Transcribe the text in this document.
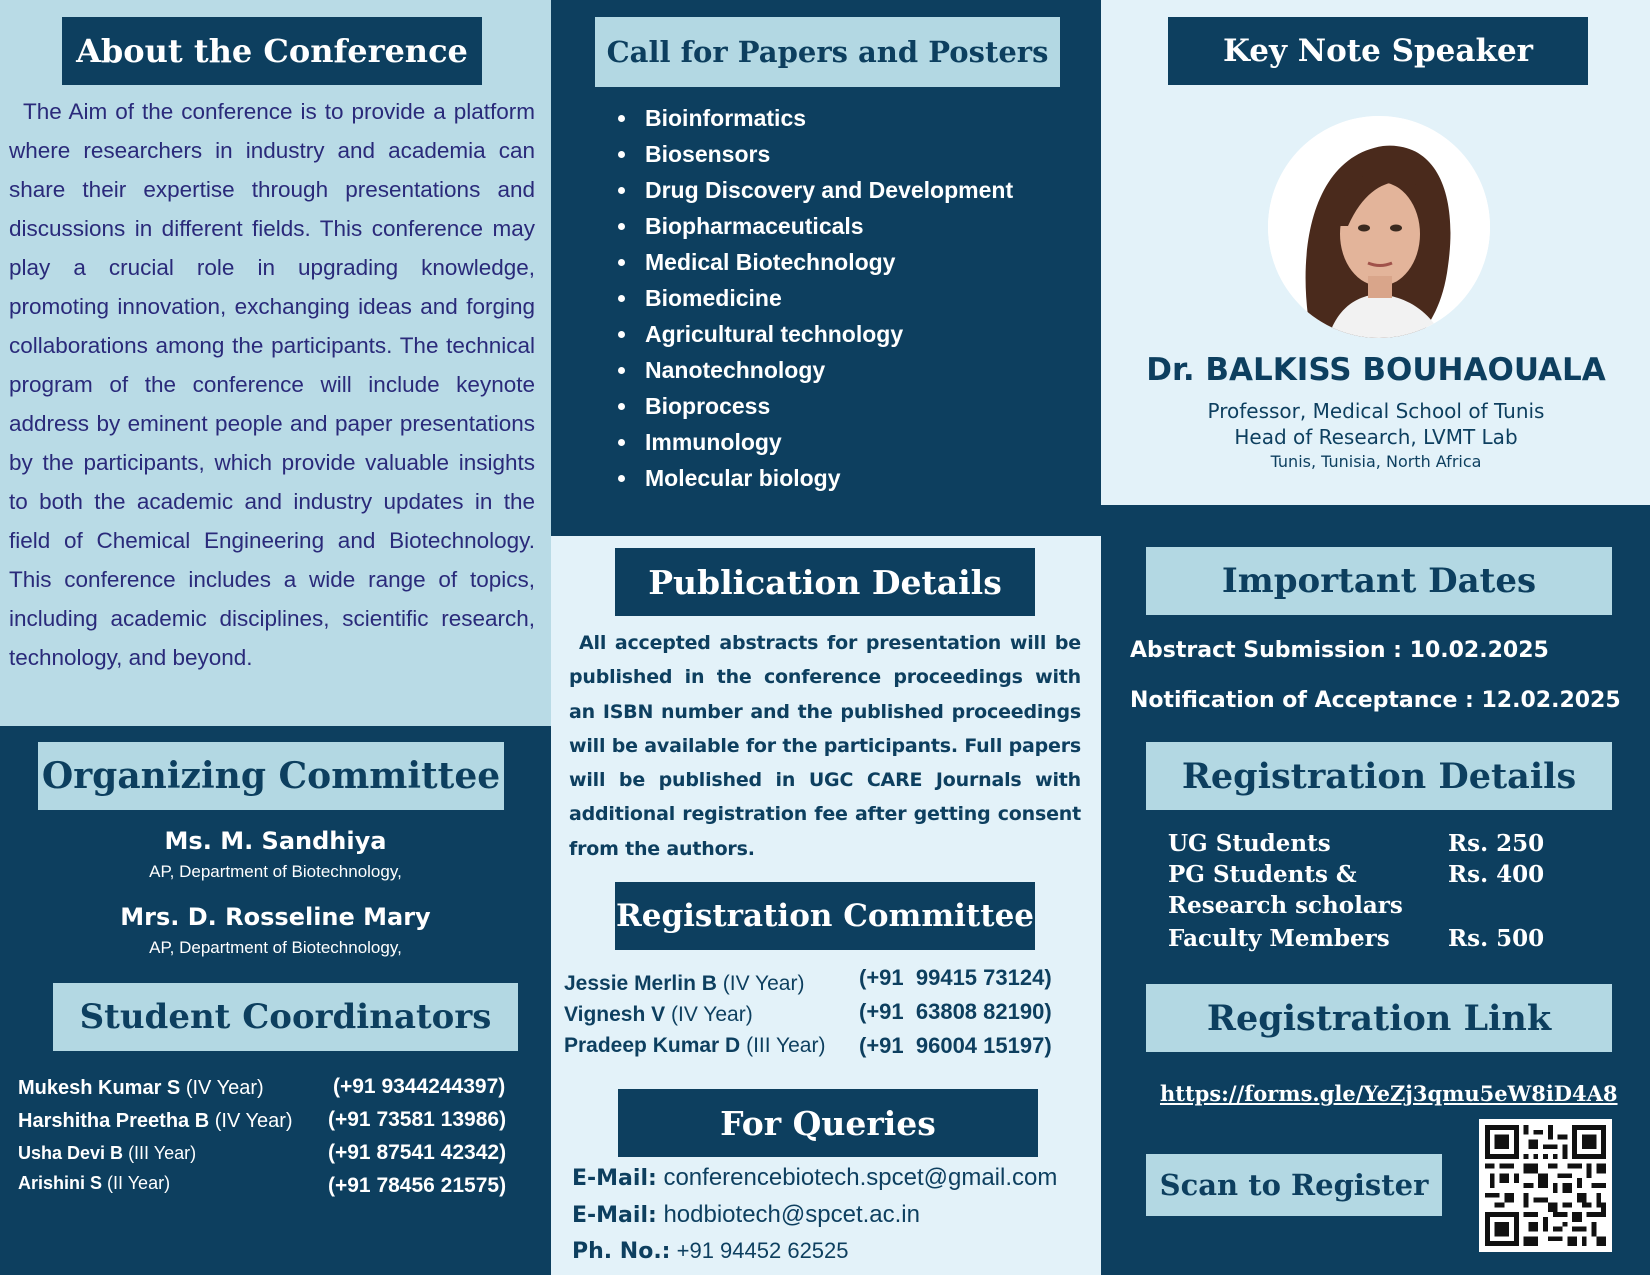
About the Conference

The Aim of the conference is to provide a platform where researchers in industry and academia can share their expertise through presentations and discussions in different fields. This conference may play a crucial role in upgrading knowledge, promoting innovation, exchanging ideas and forging collaborations among the participants. The technical program of the conference will include keynote address by eminent people and paper presentations by the participants, which provide valuable insights to both the academic and industry updates in the field of Chemical Engineering and Biotechnology. This conference includes a wide range of topics, including academic disciplines, scientific research, technology, and beyond.

Organizing Committee
Ms. M. Sandhiya
AP, Department of Biotechnology,
Mrs. D. Rosseline Mary
AP, Department of Biotechnology,
Student Coordinators
Mukesh Kumar S (IV Year)	(+91 9344244397)
Harshitha Preetha B (IV Year) (+91 73581 13986)
Usha Devi B (III Year)	(+91 87541 42342)
Arishini S (II Year)	(+91 78456 21575)
Call for Papers and Posters
Bioinformatics
Biosensors
Drug Discovery and Development
Biopharmaceuticals
Medical Biotechnology
Biomedicine
Agricultural technology
Nanotechnology
Bioprocess
Immunology
Molecular biology
Publication Details

All accepted abstracts for presentation will be published in the conference proceedings with an ISBN number and the published proceedings will be available for the participants. Full papers will be published in UGC CARE Journals with additional registration fee after getting consent from the authors.

Registration Committee
Jessie Merlin B (IV Year) (+91  99415 73124)
Vignesh V (IV Year)	(+91  63808 82190)
Pradeep Kumar D (III Year) (+91  96004 15197)
For Queries
E-Mail: conferencebiotech.spcet@gmail.com
E-Mail: hodbiotech@spcet.ac.in
Ph. No.: +91 94452 62525
Key Note Speaker
Dr. BALKISS BOUHAOUALA
Professor, Medical School of Tunis
Head of Research, LVMT Lab
Tunis, Tunisia, North Africa
Important Dates
Abstract Submission : 10.02.2025
Notification of Acceptance : 12.02.2025
Registration Details
UG Students	Rs. 250
PG Students &	Rs. 400
Research scholars
Faculty Members	Rs. 500
Registration Link
https://forms.gle/YeZj3qmu5eW8iD4A8
Scan to Register
